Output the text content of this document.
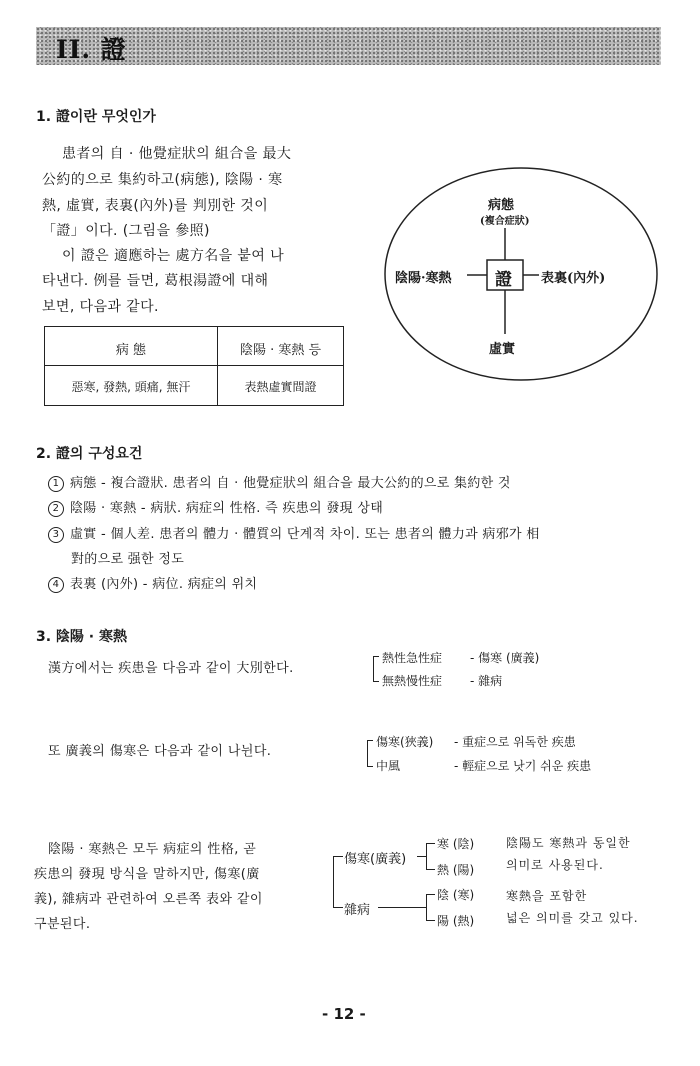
II. 證
1. 證이란 무엇인가
患者의 自 · 他覺症狀의 組合을 最大
公約的으로 集約하고(病態), 陰陽 · 寒
熱, 虛實, 表裏(內外)를 判別한 것이
「證」이다. (그림을 參照)
이 證은 適應하는 處方名을 붙여 나
타낸다. 例를 들면, 葛根湯證에 대해
보면, 다음과 같다.
病 態	陰陽 · 寒熱 등
惡寒, 發熱, 頭痛, 無汗	表熱虛實間證
證
病態
(複合症狀)
陰陽·寒熱	表裏(內外)
虛實
2. 證의 구성요건
1 病態 - 複合證狀. 患者의 自 · 他覺症狀의 組合을 最大公約的으로 集約한 것
2 陰陽 · 寒熱 - 病狀. 病症의 性格. 즉 疾患의 發現 상태
3 虛實 - 個人差. 患者의 體力 · 體質의 단계적 차이. 또는 患者의 體力과 病邪가 相
對的으로 强한 정도
4 表裏 (內外) - 病位. 病症의 위치
3. 陰陽 · 寒熱
漢方에서는 疾患을 다음과 같이 大別한다.
熱性急性症 - 傷寒 (廣義)
無熱慢性症 - 雜病
또 廣義의 傷寒은 다음과 같이 나뉜다.
傷寒(狹義) - 重症으로 위독한 疾患
中風	- 輕症으로 낫기 쉬운 疾患
陰陽 · 寒熱은 모두 病症의 性格, 곧
疾患의 發現 방식을 말하지만, 傷寒(廣
義), 雜病과 관련하여 오른쪽 表와 같이
구분된다.
傷寒(廣義)
雜病
寒 (陰)
熱 (陽)
陰 (寒)
陽 (熱)
陰陽도 寒熱과 동일한
의미로 사용된다.
寒熱을 포함한
넓은 의미를 갖고 있다.
- 12 -
